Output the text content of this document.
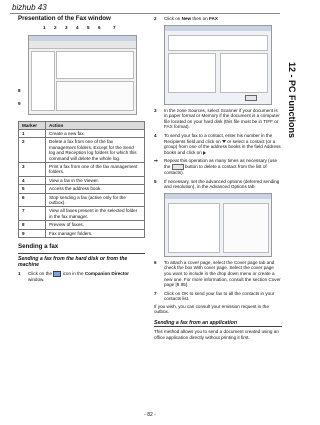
bizhub 43
12 - PC Functions
Presentation of the Fax window
1 2 3 4 5 6	7
8
9
Marker	Action
1	Create a new fax.
2	Delete a fax from one of the fax management folders. Except for the Send log and Reception log folders for which this command will delete the whole log.
3	Print a fax from one of the fax management folders.
4	View a fax in the Viewer.
5	Access the address book.
6	Stop sending a fax (active only for the outbox).
7	View all faxes present in the selected folder in the fax manager.
8	Preview of faxes.
9	Fax manager folders.
Sending a fax
Sending a fax from the hard disk or from the machine
1 Click on the icon in the Companion Director window.
2 Click on New then on FAX
3 In the zone Sources, select Scanner if your document is in paper format or Memory if the document is a computer file located on your hard disk (this file must be in TIFF or FAX format).
4 To send your fax to a contact, enter his number in the Recipients field and click on or select a contact (or a group) from one of the address books in the field Address books and click on
⇒ Repeat this operation as many times as necessary (use the	button to delete a contact from the list of contacts).
5 If necessary, set the advanced options (deferred sending and resolution), in the Advanced Options tab.
6 To attach a cover page, select the Cover page tab and check the box With cover page. Select the cover page you want to include in the drop down menu or create a new one. For more information, consult the section Cover page [8 85].
7 Click on OK to send your fax to all the contacts in your contacts list.
If you wish, you can consult your emission request in the outbox.
Sending a fax from an application
This method allows you to send a document created using an office application directly without printing it first.
- 82 -
